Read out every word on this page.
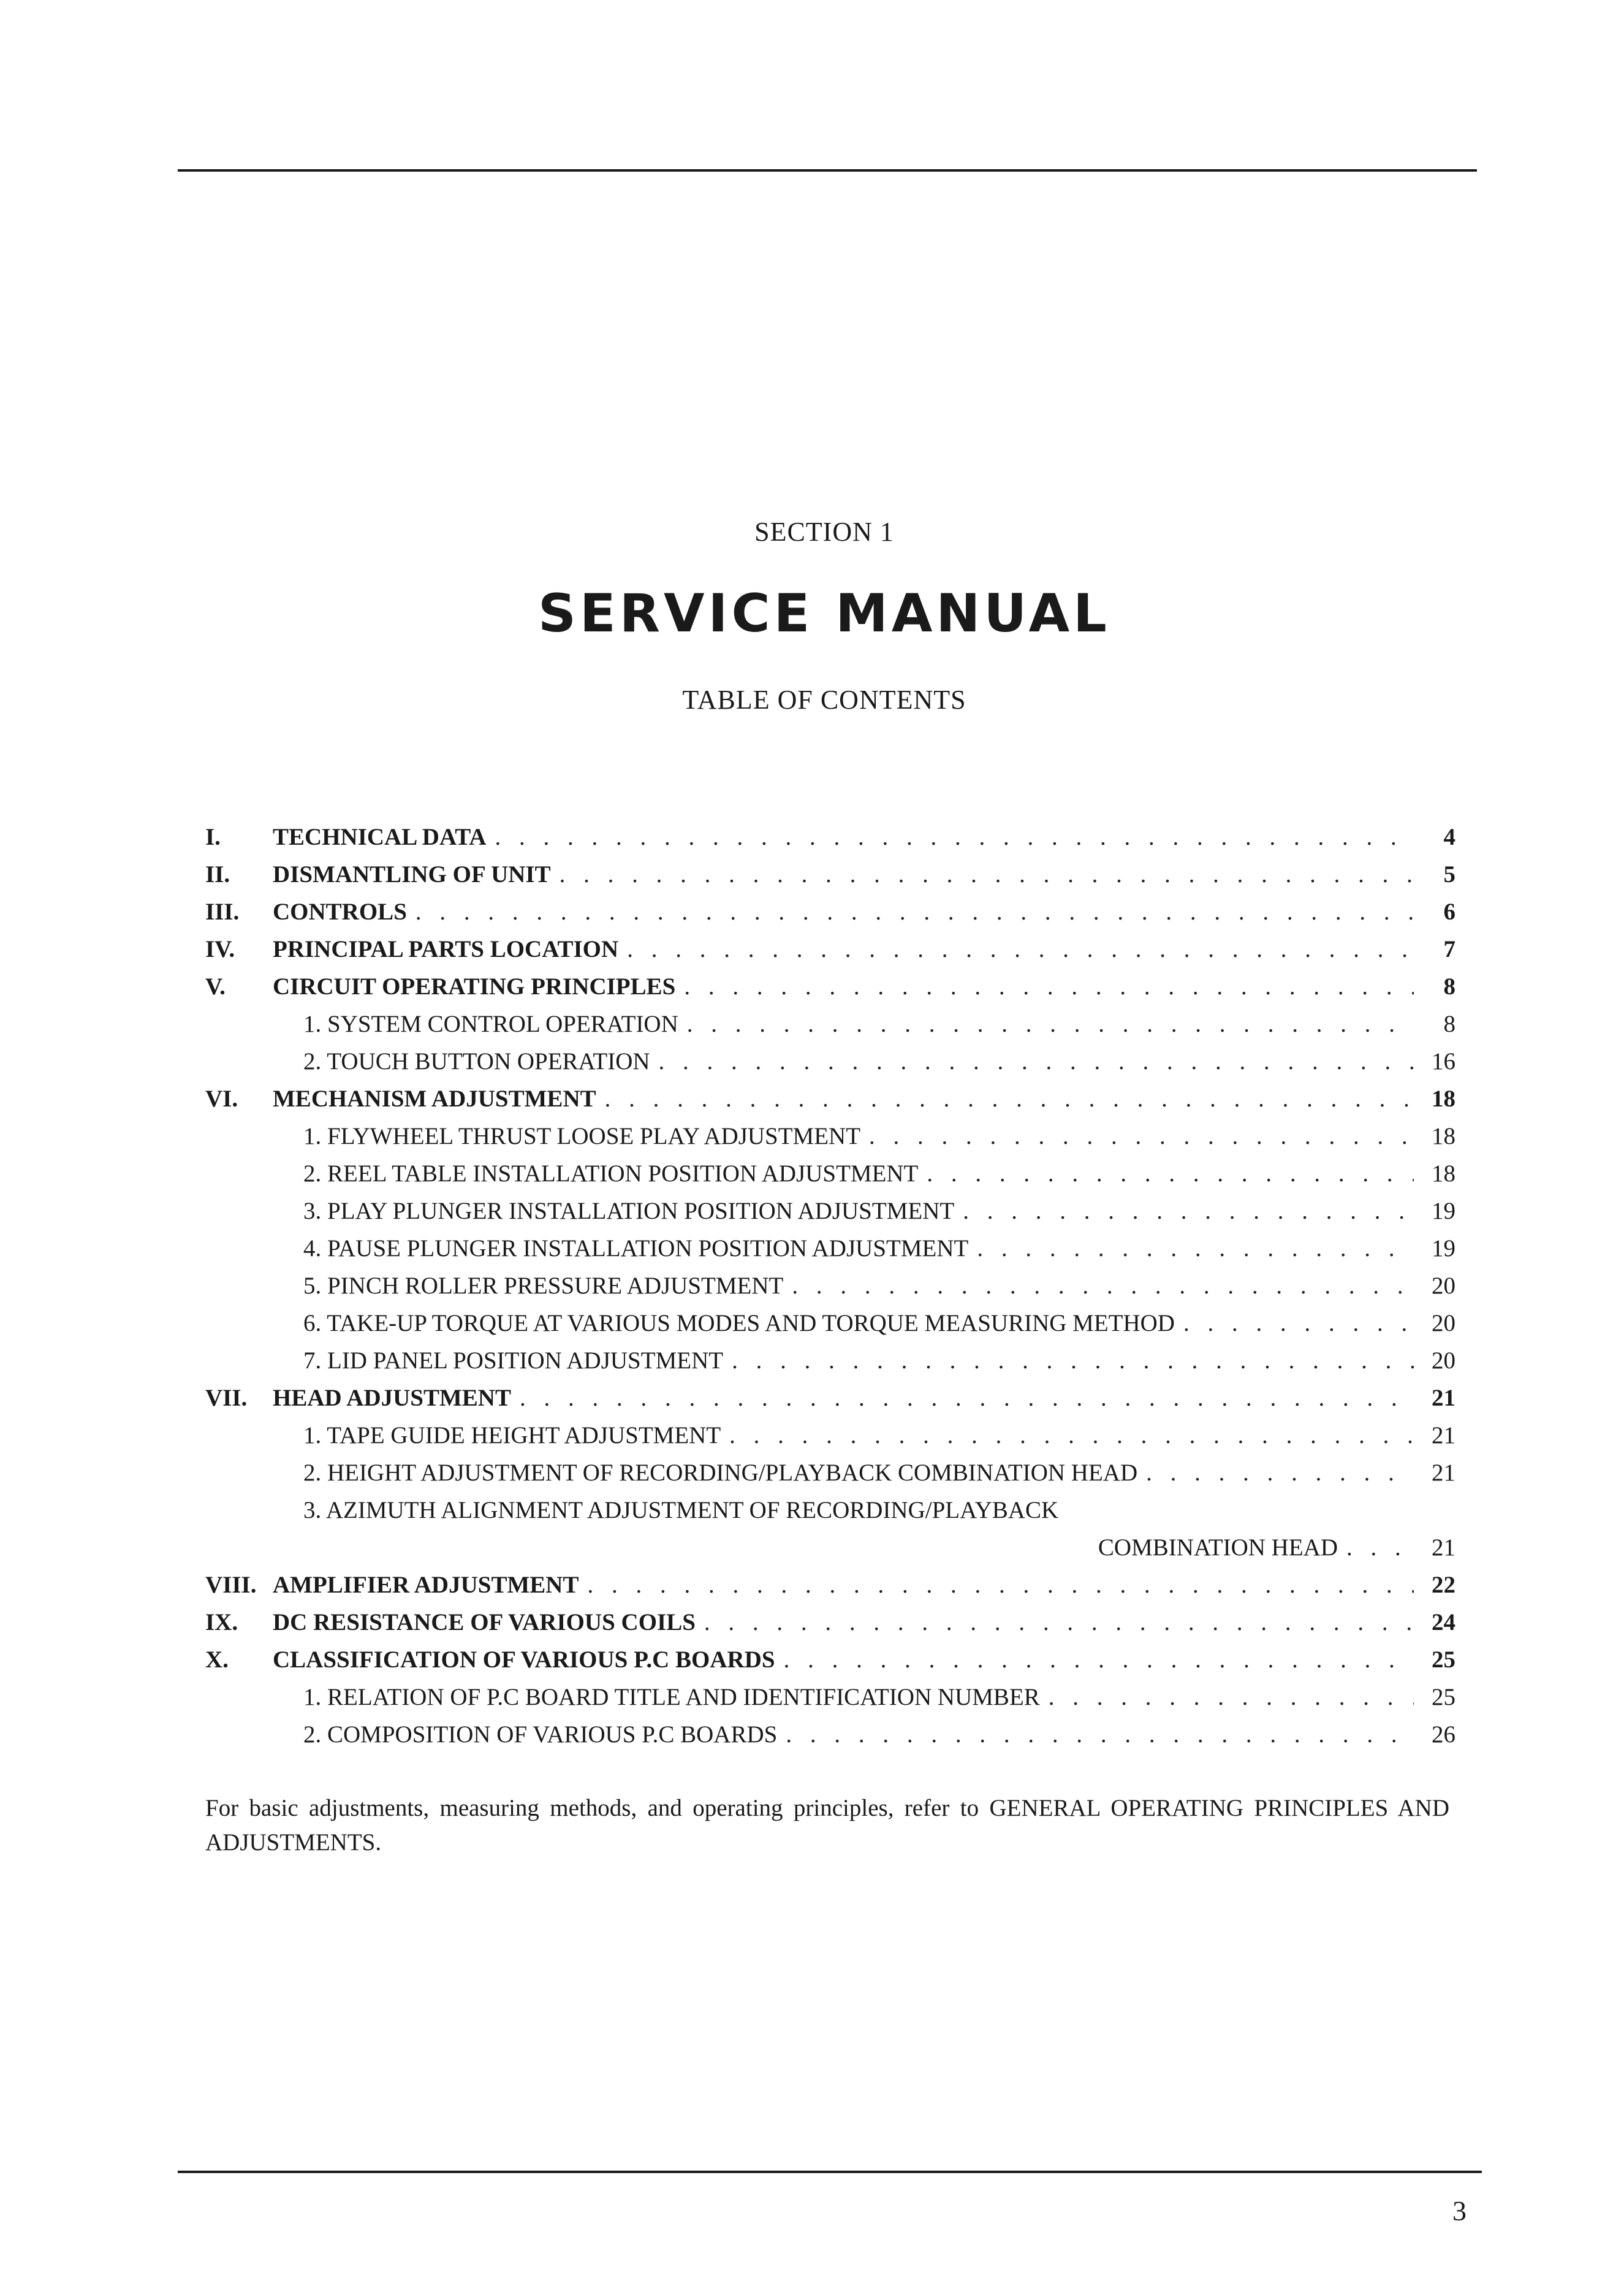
SECTION 1
SERVICE MANUAL
TABLE OF CONTENTS
I.	TECHNICAL DATA . . .	4
II.	DISMANTLING OF UNIT . . .	5
III.	CONTROLS . . .	6
IV.	PRINCIPAL PARTS LOCATION . . .	7
V.	CIRCUIT OPERATING PRINCIPLES . . .	8
1. SYSTEM CONTROL OPERATION . . .	8
2. TOUCH BUTTON OPERATION . . .	16
VI.	MECHANISM ADJUSTMENT . . .	18
1. FLYWHEEL THRUST LOOSE PLAY ADJUSTMENT . . .	18
2. REEL TABLE INSTALLATION POSITION ADJUSTMENT . . .	18
3. PLAY PLUNGER INSTALLATION POSITION ADJUSTMENT . . .	19
4. PAUSE PLUNGER INSTALLATION POSITION ADJUSTMENT . . .	19
5. PINCH ROLLER PRESSURE ADJUSTMENT . . .	20
6. TAKE-UP TORQUE AT VARIOUS MODES AND TORQUE MEASURING METHOD . . .	20
7. LID PANEL POSITION ADJUSTMENT . . .	20
VII.	HEAD ADJUSTMENT . . .	21
1. TAPE GUIDE HEIGHT ADJUSTMENT . . .	21
2. HEIGHT ADJUSTMENT OF RECORDING/PLAYBACK COMBINATION HEAD . . .	21
3. AZIMUTH ALIGNMENT ADJUSTMENT OF RECORDING/PLAYBACK
COMBINATION HEAD . . .	21
VIII. AMPLIFIER ADJUSTMENT . . .	22
IX.	DC RESISTANCE OF VARIOUS COILS . . .	24
X.	CLASSIFICATION OF VARIOUS P.C BOARDS . . .	25
1. RELATION OF P.C BOARD TITLE AND IDENTIFICATION NUMBER . . .	25
2. COMPOSITION OF VARIOUS P.C BOARDS . . .	26
For basic adjustments, measuring methods, and operating principles, refer to GENERAL OPERATING PRINCIPLES AND ADJUSTMENTS.
3
